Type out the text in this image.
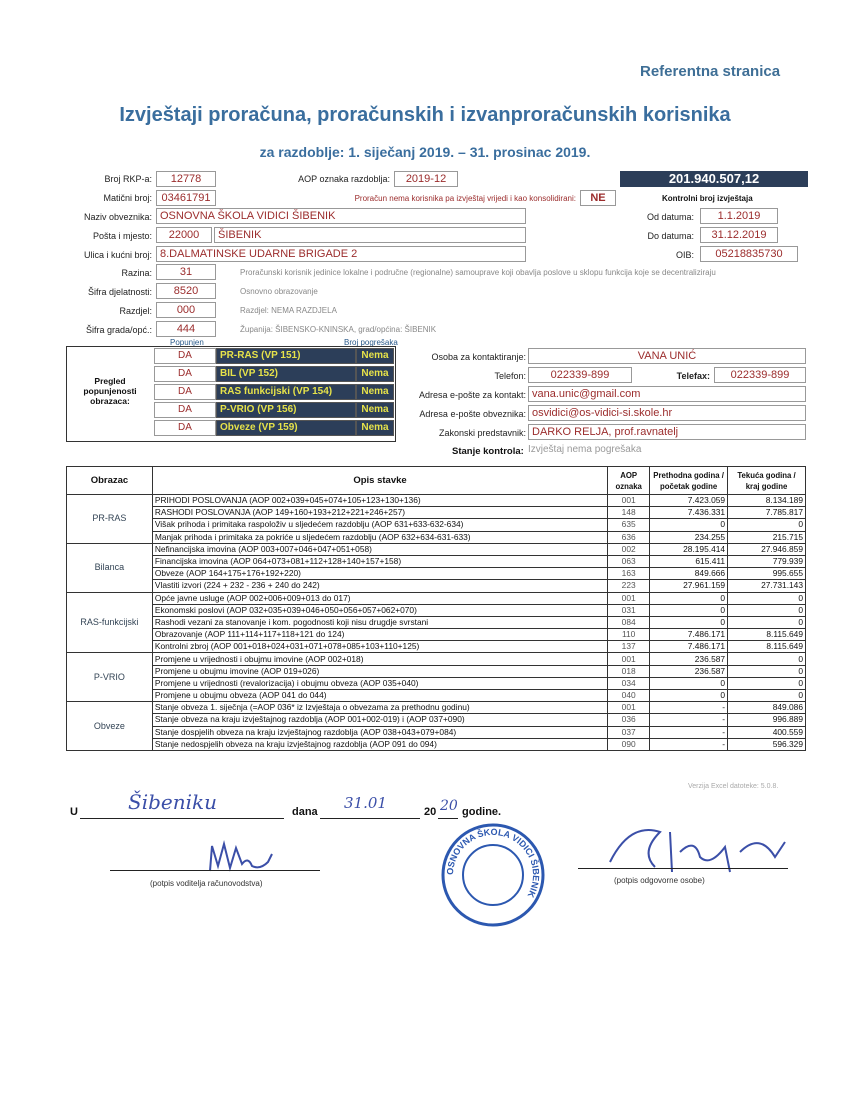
Referentna stranica
Izvještaji proračuna, proračunskih i izvanproračunskih korisnika
za razdoblje: 1. siječanj 2019. – 31. prosinac 2019.
Broj RKP-a:	12778	AOP oznaka razdoblja:	2019-12	201.940.507,12
Matični broj: 03461791	Proračun nema korisnika pa izvještaj vrijedi i kao konsolidirani:	NE	Kontrolni broj izvještaja
Naziv obveznika: OSNOVNA ŠKOLA VIDICI ŠIBENIK	Od datuma:	1.1.2019
Pošta i mjesto:	22000	ŠIBENIK	Do datuma:	31.12.2019
Ulica i kućni broj: 8.DALMATINSKE UDARNE BRIGADE 2	OIB:	05218835730
Razina:	31	Proračunski korisnik jedinice lokalne i područne (regionalne) samouprave koji obavlja poslove u sklopu funkcija koje se decentraliziraju
Šifra djelatnosti:	8520	Osnovno obrazovanje
Razdjel:	000	Razdjel: NEMA RAZDJELA
Šifra grada/opć.:	444	Županija: ŠIBENSKO-KNINSKA, grad/općina: ŠIBENIK
Popunjen	Broj pogrešaka
Pregled popunjenosti obrazaca:
DA	PR-RAS (VP 151)	Nema
DA	BIL (VP 152)	Nema
DA	RAS funkcijski (VP 154)	Nema
DA	P-VRIO (VP 156)	Nema
DA	Obveze (VP 159)	Nema
Osoba za kontaktiranje:	VANA UNIĆ
Telefon:	022339-899	Telefax:	022339-899
Adresa e-pošte za kontakt: vana.unic@gmail.com
Adresa e-pošte obveznika: osvidici@os-vidici-si.skole.hr
Zakonski predstavnik: DARKO RELJA, prof.ravnatelj
Stanje kontrola: Izvještaj nema pogrešaka
Obrazac	Opis stavke	AOP oznaka	Prethodna godina / početak godine	Tekuća godina / kraj godine
PR-RAS	PRIHODI POSLOVANJA (AOP 002+039+045+074+105+123+130+136)	001	7.423.059	8.134.189
	RASHODI POSLOVANJA (AOP 149+160+193+212+221+246+257)	148	7.436.331	7.785.817
	Višak prihoda i primitaka raspoloživ u sljedećem razdoblju (AOP 631+633-632-634)	635	0	0
	Manjak prihoda i primitaka za pokriće u sljedećem razdoblju (AOP 632+634-631-633)	636	234.255	215.715
Bilanca	Nefinancijska imovina (AOP 003+007+046+047+051+058)	002	28.195.414	27.946.859
	Financijska imovina (AOP 064+073+081+112+128+140+157+158)	063	615.411	779.939
	Obveze (AOP 164+175+176+192+220)	163	849.666	995.655
	Vlastiti izvori (224 + 232 - 236 + 240 do 242)	223	27.961.159	27.731.143
RAS-funkcijski	Opće javne usluge (AOP 002+006+009+013 do 017)	001	0	0
	Ekonomski poslovi (AOP 032+035+039+046+050+056+057+062+070)	031	0	0
	Rashodi vezani za stanovanje i kom. pogodnosti koji nisu drugdje svrstani	084	0	0
	Obrazovanje (AOP 111+114+117+118+121 do 124)	110	7.486.171	8.115.649
	Kontrolni zbroj (AOP 001+018+024+031+071+078+085+103+110+125)	137	7.486.171	8.115.649
P-VRIO	Promjene u vrijednosti i obujmu imovine (AOP 002+018)	001	236.587	0
	Promjene u obujmu imovine (AOP 019+026)	018	236.587	0
	Promjene u vrijednosti (revalorizacija) i obujmu obveza (AOP 035+040)	034	0	0
	Promjene u obujmu obveza (AOP 041 do 044)	040	0	0
Obveze	Stanje obveza 1. siječnja (=AOP 036* iz Izvještaja o obvezama za prethodnu godinu)	001	-	849.086
	Stanje obveza na kraju izvještajnog razdoblja (AOP 001+002-019) i (AOP 037+090)	036	-	996.889
	Stanje dospjelih obveza na kraju izvještajnog razdoblja (AOP 038+043+079+084)	037	-	400.559
	Stanje nedospjelih obveza na kraju izvještajnog razdoblja (AOP 091 do 094)	090	-	596.329
Verzija Excel datoteke: 5.0.8.
U	Šibeniku	dana 31.01	20 20 godine.
(potpis voditelja računovodstva)
OSNOVNA ŠKOLA VIDICI ŠIBENIK
(potpis odgovorne osobe)
